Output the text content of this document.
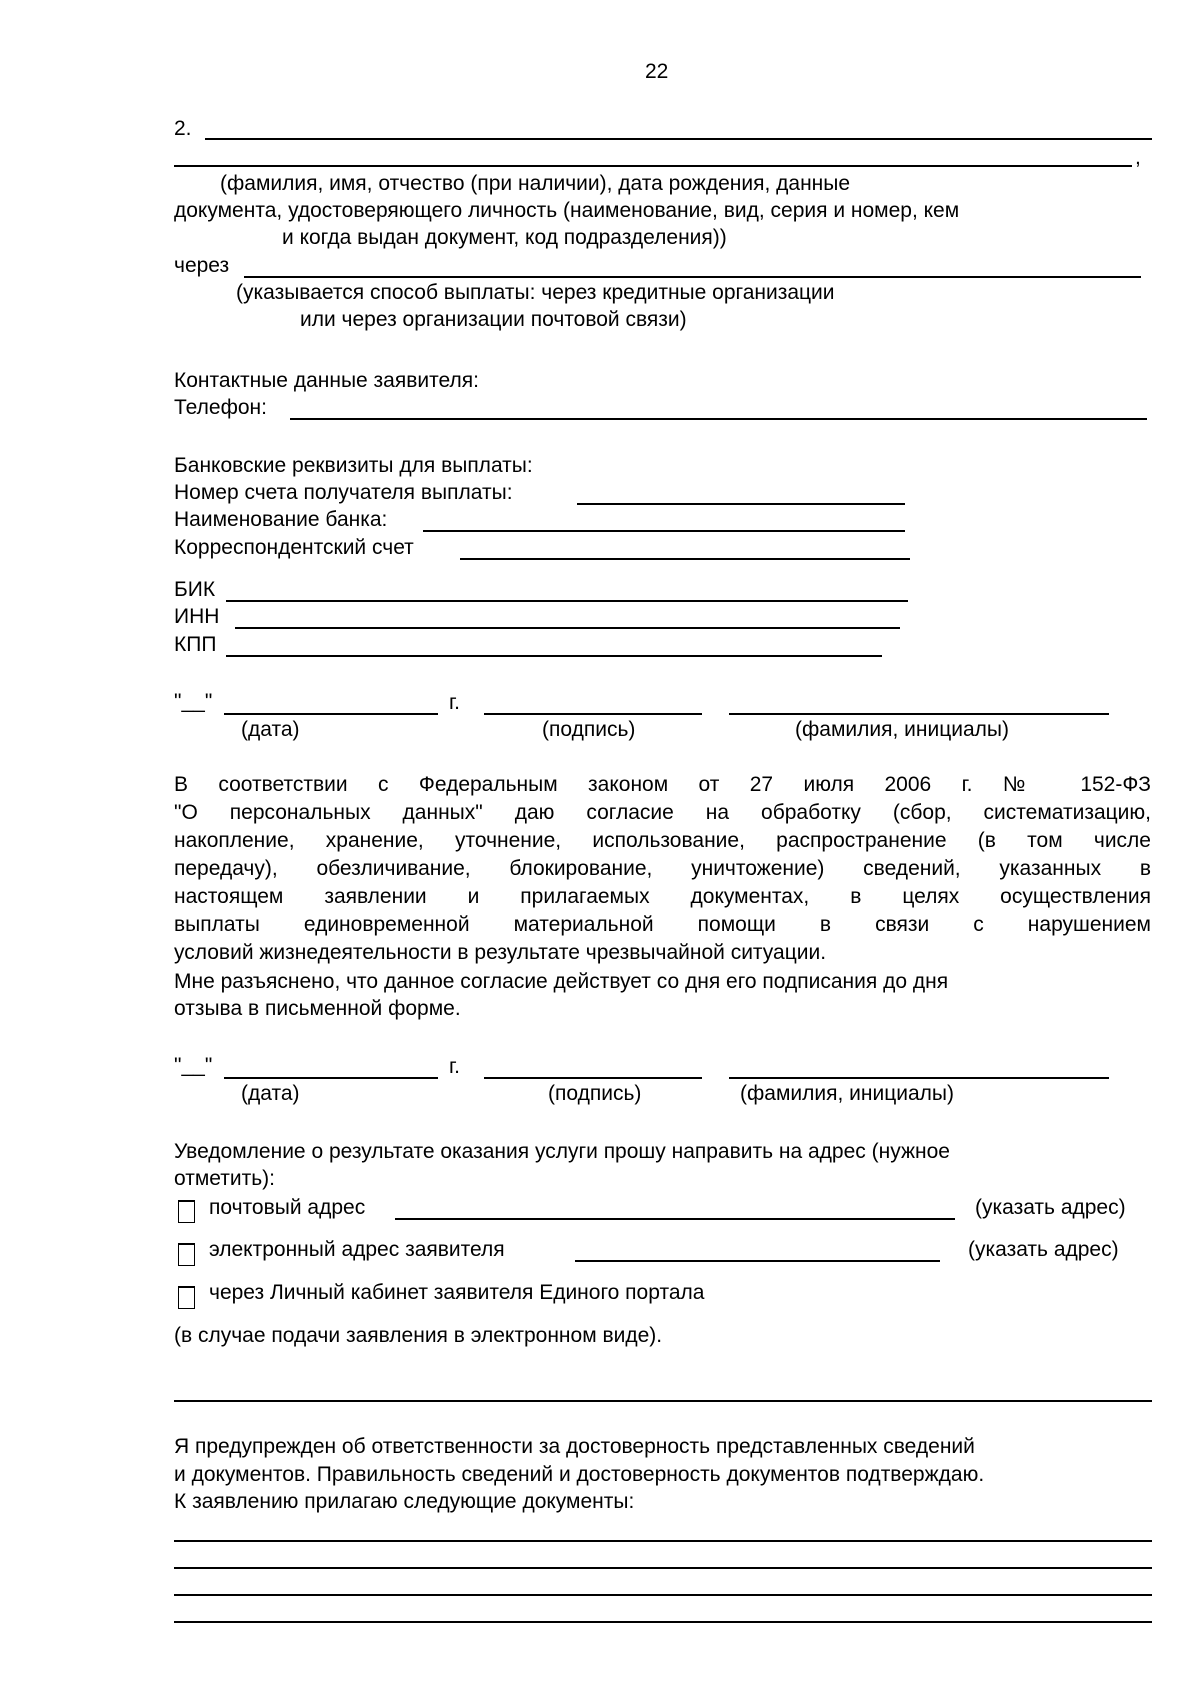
22
2.
,
(фамилия, имя, отчество (при наличии), дата рождения, данные
документа, удостоверяющего личность (наименование, вид, серия и номер, кем
и когда выдан документ, код подразделения))
через
(указывается способ выплаты: через кредитные организации
или через организации почтовой связи)
Контактные данные заявителя:
Телефон:
Банковские реквизиты для выплаты:
Номер счета получателя выплаты:
Наименование банка:
Корреспондентский счет
БИК
ИНН
КПП
"__"	г.
(дата)	(подпись)	(фамилия, инициалы)
В соответствии с Федеральным законом от 27 июля 2006 г. № 152-ФЗ
"О персональных данных" даю согласие на обработку (сбор, систематизацию,
накопление, хранение, уточнение, использование, распространение (в том числе
передачу), обезличивание, блокирование, уничтожение) сведений, указанных в
настоящем заявлении и прилагаемых документах, в целях осуществления
выплаты единовременной материальной помощи в связи с нарушением
условий жизнедеятельности в результате чрезвычайной ситуации.
Мне разъяснено, что данное согласие действует со дня его подписания до дня
отзыва в письменной форме.
"__"	г.
(дата)	(подпись)	(фамилия, инициалы)
Уведомление о результате оказания услуги прошу направить на адрес (нужное
отметить):
почтовый адрес	(указать адрес)
электронный адрес заявителя	(указать адрес)
через Личный кабинет заявителя Единого портала
(в случае подачи заявления в электронном виде).
Я предупрежден об ответственности за достоверность представленных сведений
и документов. Правильность сведений и достоверность документов подтверждаю.
К заявлению прилагаю следующие документы:
